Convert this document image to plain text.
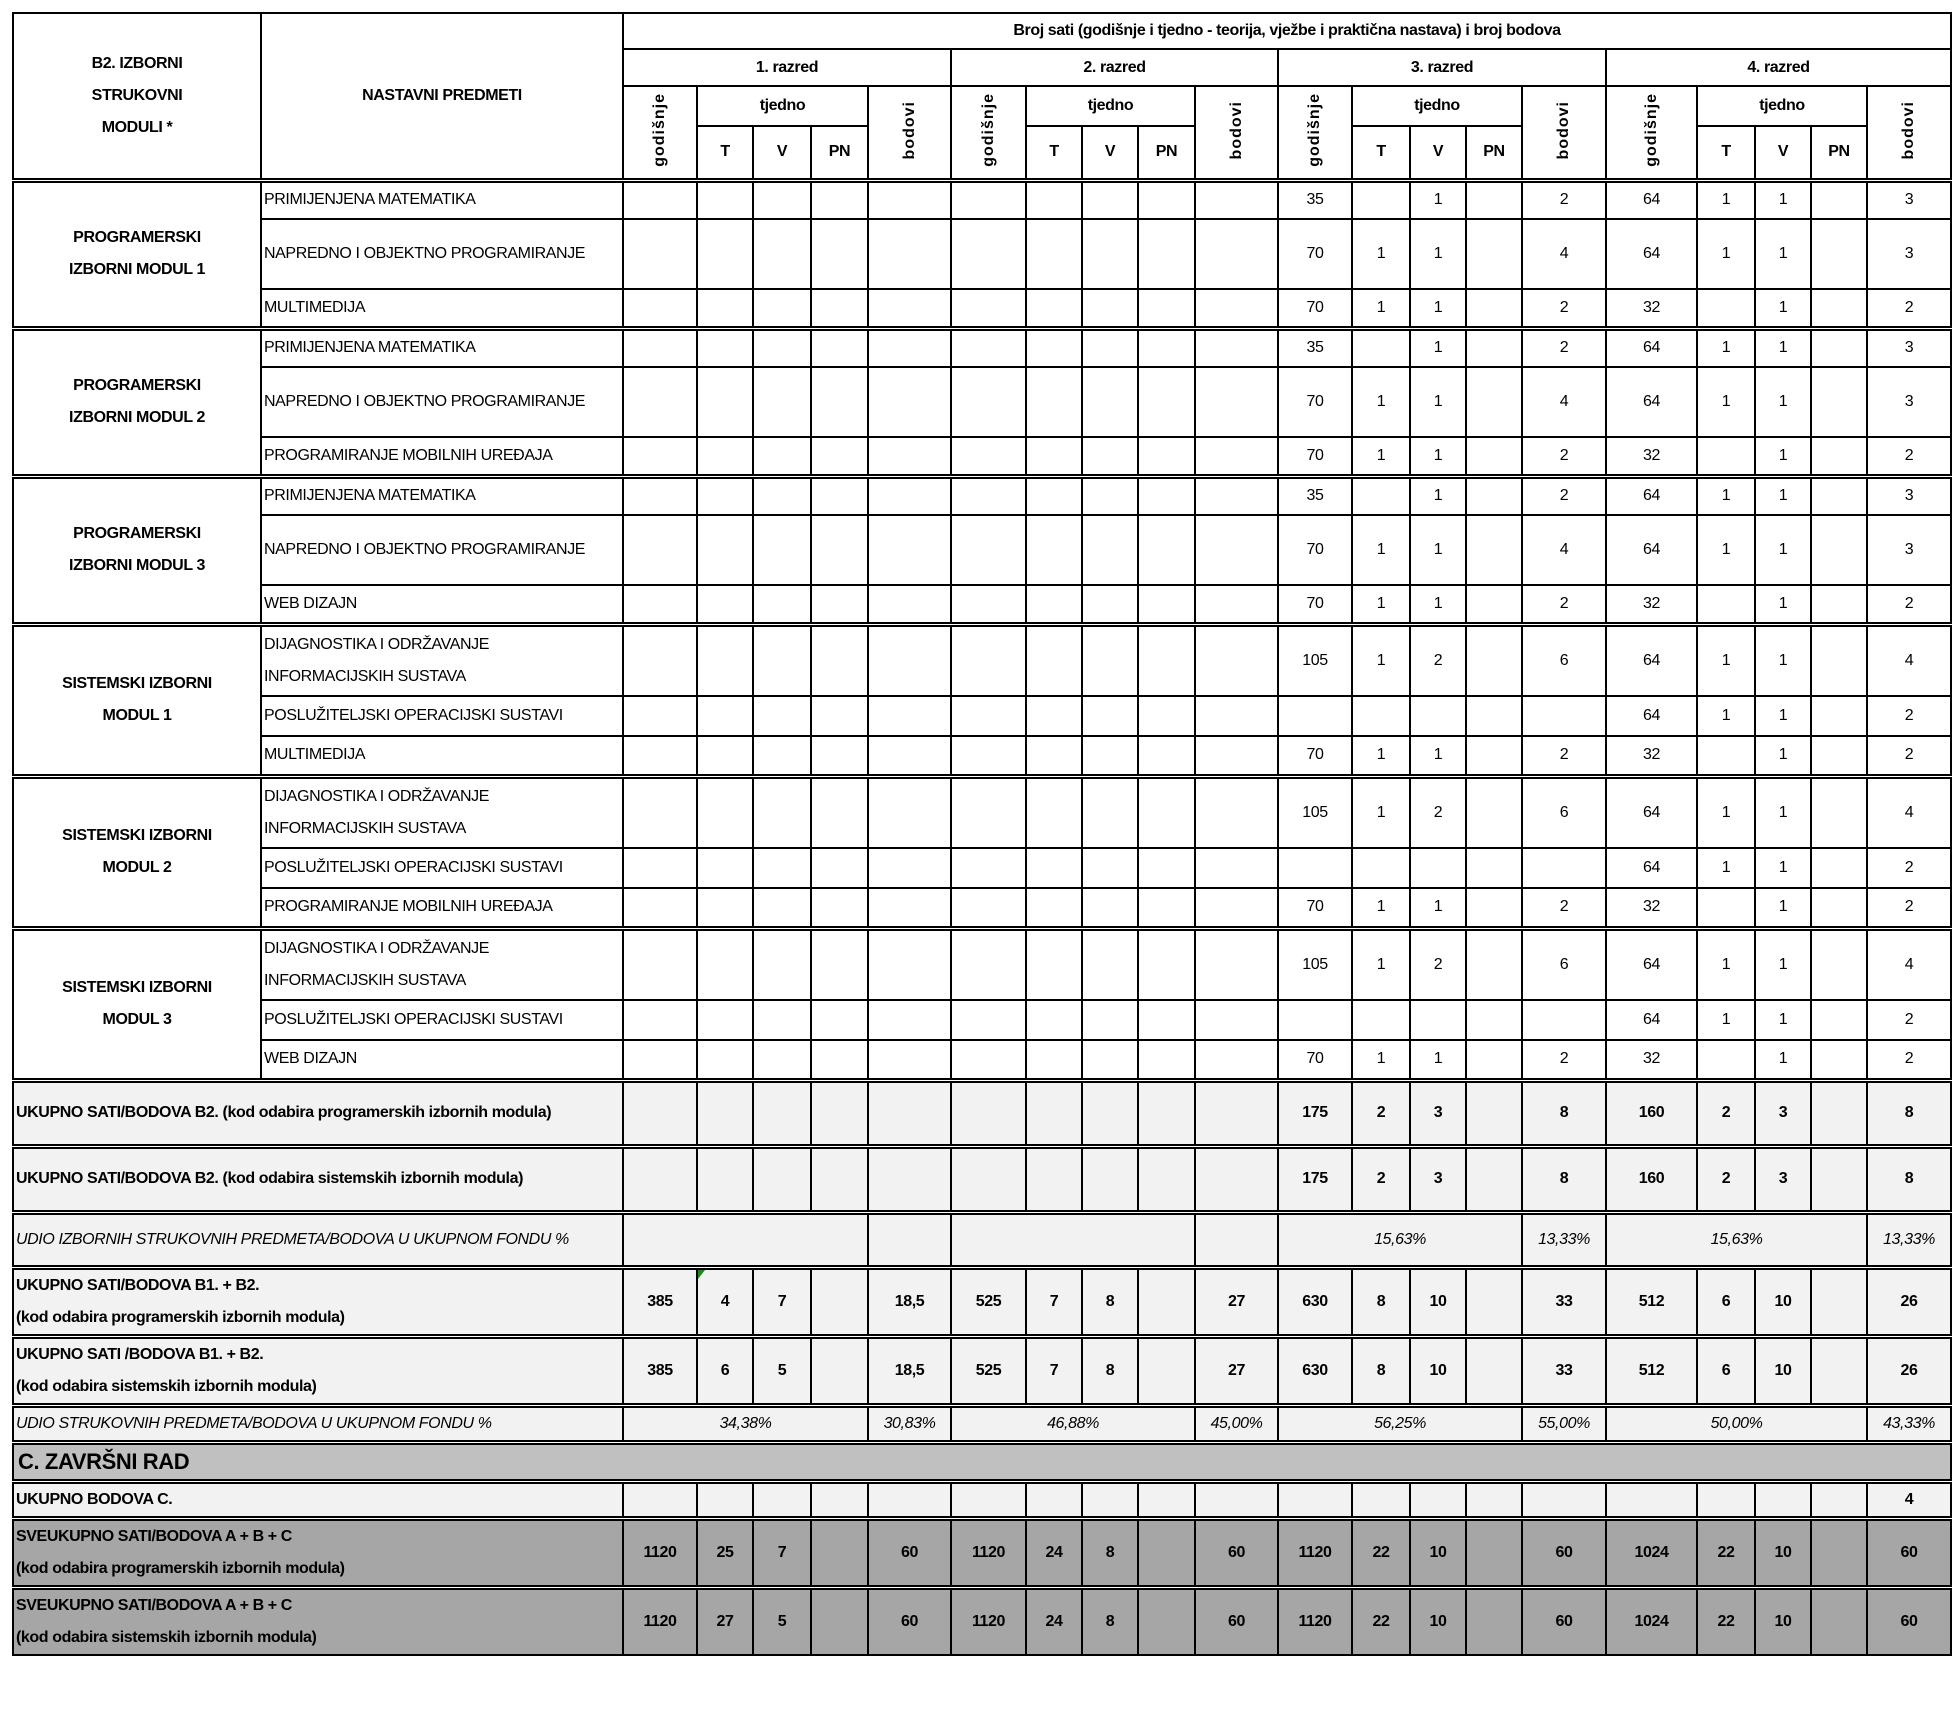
B2. IZBORNI
STRUKOVNI
MODULI *	NASTAVNI PREDMETI	Broj sati (godišnje i tjedno - teorija, vježbe i praktična nastava) i broj bodova																			
		1. razred					2. razred					3. razred					4. razred				
		godišnje	tjedno			bodovi	godišnje	tjedno			bodovi	godišnje	tjedno			bodovi	godišnje	tjedno			bodovi
			T	V	PN			T	V	PN			T	V	PN			T	V	PN	
PROGRAMERSKI IZBORNI MODUL 1	PRIMIJENJENA MATEMATIKA											35		1		2	64	1	1		3
	NAPREDNO I OBJEKTNO PROGRAMIRANJE											70	1	1		4	64	1	1		3
	MULTIMEDIJA											70	1	1		2	32		1		2
PROGRAMERSKI IZBORNI MODUL 2	PRIMIJENJENA MATEMATIKA											35		1		2	64	1	1		3
	NAPREDNO I OBJEKTNO PROGRAMIRANJE											70	1	1		4	64	1	1		3
	PROGRAMIRANJE MOBILNIH UREĐAJA											70	1	1		2	32		1		2
PROGRAMERSKI IZBORNI MODUL 3	PRIMIJENJENA MATEMATIKA											35		1		2	64	1	1		3
	NAPREDNO I OBJEKTNO PROGRAMIRANJE											70	1	1		4	64	1	1		3
	WEB DIZAJN											70	1	1		2	32		1		2
SISTEMSKI IZBORNI MODUL 1	DIJAGNOSTIKA I ODRŽAVANJE INFORMACIJSKIH SUSTAVA											105	1	2		6	64	1	1		4
	POSLUŽITELJSKI OPERACIJSKI SUSTAVI																64	1	1		2
	MULTIMEDIJA											70	1	1		2	32		1		2
SISTEMSKI IZBORNI MODUL 2	DIJAGNOSTIKA I ODRŽAVANJE INFORMACIJSKIH SUSTAVA											105	1	2		6	64	1	1		4
	POSLUŽITELJSKI OPERACIJSKI SUSTAVI																64	1	1		2
	PROGRAMIRANJE MOBILNIH UREĐAJA											70	1	1		2	32		1		2
SISTEMSKI IZBORNI MODUL 3	DIJAGNOSTIKA I ODRŽAVANJE INFORMACIJSKIH SUSTAVA											105	1	2		6	64	1	1		4
	POSLUŽITELJSKI OPERACIJSKI SUSTAVI																64	1	1		2
	WEB DIZAJN											70	1	1		2	32		1		2

UKUPNO SATI/BODOVA B2. (kod odabira programerskih izbornih modula)												175	2	3		8	160	2	3		8

UKUPNO SATI/BODOVA B2. (kod odabira sistemskih izbornih modula)												175	2	3		8	160	2	3		8

UDIO IZBORNIH STRUKOVNIH PREDMETA/BODOVA U UKUPNOM FONDU %												15,63%				13,33%	15,63%				13,33%

UKUPNO SATI/BODOVA B1. + B2.
(kod odabira programerskih izbornih modula)		385	4	7		18,5	525	7	8		27	630	8	10		33	512	6	10		26

UKUPNO SATI /BODOVA B1. + B2.
(kod odabira sistemskih izbornih modula)		385	6	5		18,5	525	7	8		27	630	8	10		33	512	6	10		26

UDIO STRUKOVNIH PREDMETA/BODOVA U UKUPNOM FONDU %		34,38%				30,83%	46,88%				45,00%	56,25%				55,00%	50,00%				43,33%
C. ZAVRŠNI RAD																					

UKUPNO BODOVA C.																					4

SVEUKUPNO SATI/BODOVA A + B + C
(kod odabira programerskih izbornih modula)		1120	25	7		60	1120	24	8		60	1120	22	10		60	1024	22	10		60

SVEUKUPNO SATI/BODOVA A + B + C
(kod odabira sistemskih izbornih modula)		1120	27	5		60	1120	24	8		60	1120	22	10		60	1024	22	10		60
